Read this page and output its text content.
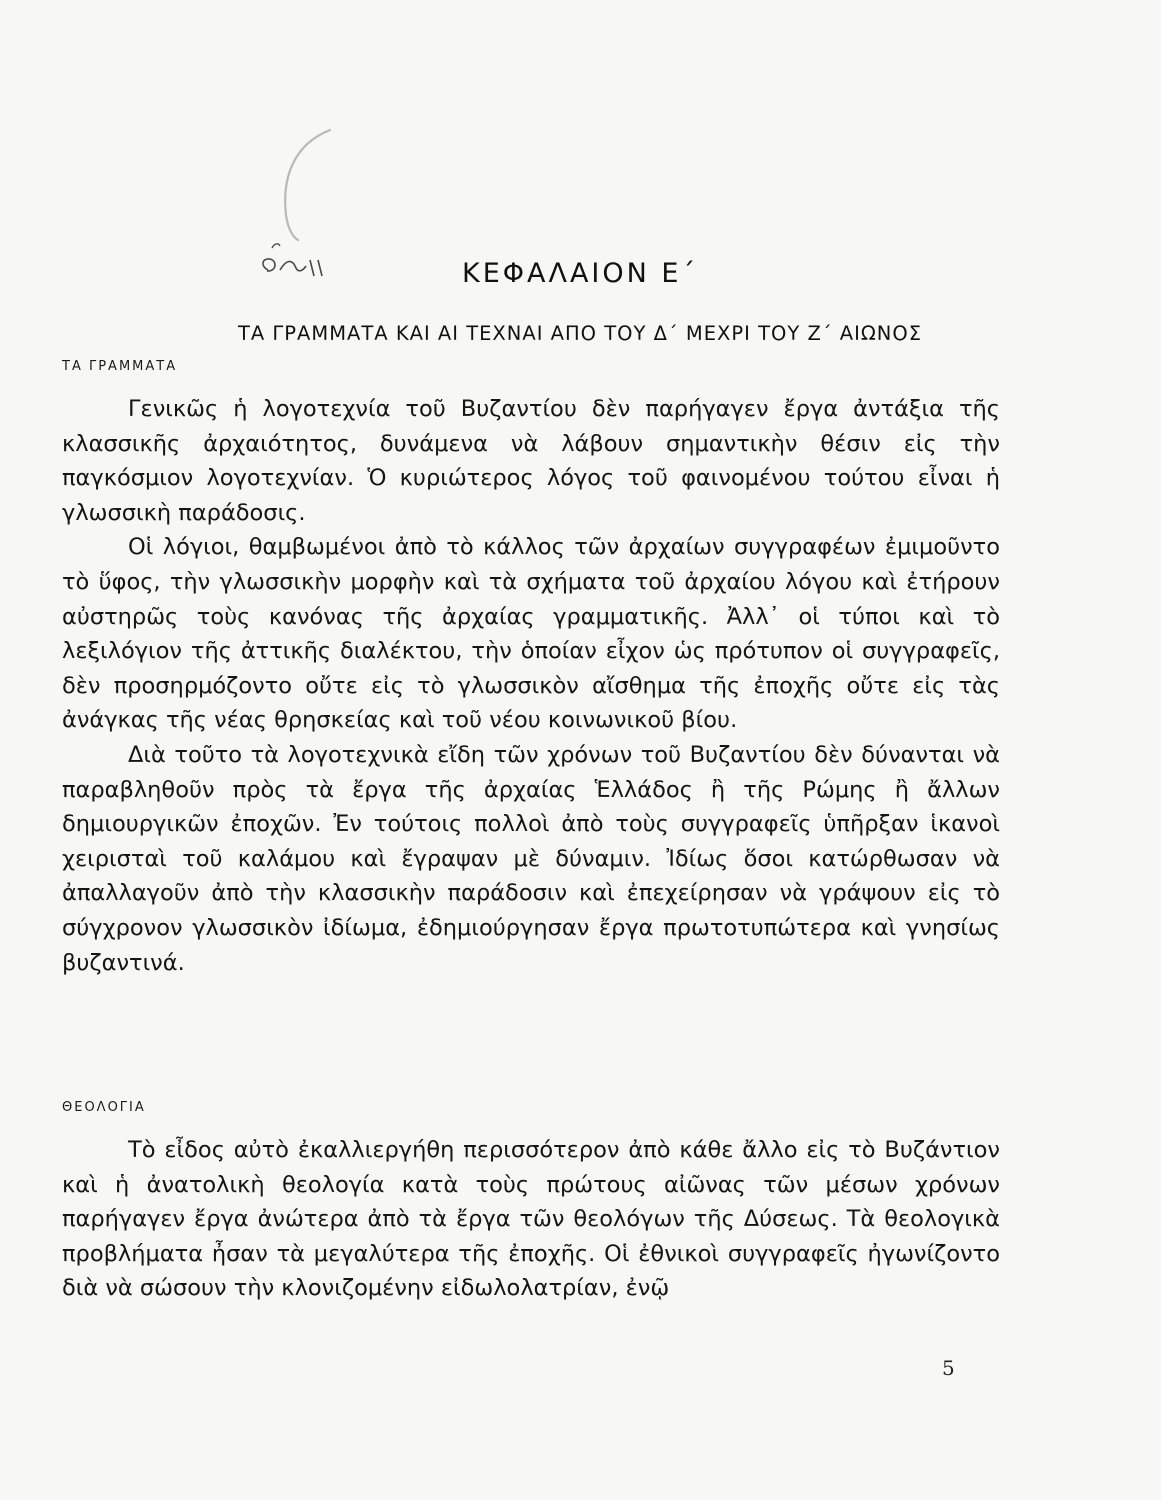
ΚΕΦΑΛΑΙΟΝ Ε΄
ΤΑ ΓΡΑΜΜΑΤΑ ΚΑΙ ΑΙ ΤΕΧΝΑΙ ΑΠΟ ΤΟΥ Δ΄ ΜΕΧΡΙ ΤΟΥ Ζ΄ ΑΙΩΝΟΣ
ΤΑ ΓΡΑΜΜΑΤΑ

Γενικῶς ἡ λογοτεχνία τοῦ Βυζαντίου δὲν παρήγαγεν ἔργα ἀντάξια τῆς κλασσικῆς ἀρχαιότητος, δυνάμενα νὰ λάβουν σημαντικὴν θέσιν εἰς τὴν παγκόσμιον λογοτεχνίαν. Ὁ κυριώτερος λόγος τοῦ φαινομένου τούτου εἶναι ἡ γλωσσικὴ παράδοσις.

Οἱ λόγιοι, θαμβωμένοι ἀπὸ τὸ κάλλος τῶν ἀρχαίων συγγραφέων ἐμιμοῦντο τὸ ὕφος, τὴν γλωσσικὴν μορφὴν καὶ τὰ σχήματα τοῦ ἀρχαίου λόγου καὶ ἐτήρουν αὐστηρῶς τοὺς κανόνας τῆς ἀρχαίας γραμματικῆς. Ἀλλ᾽ οἱ τύποι καὶ τὸ λεξιλόγιον τῆς ἀττικῆς διαλέκτου, τὴν ὁποίαν εἶχον ὡς πρότυπον οἱ συγγραφεῖς, δὲν προσηρμόζοντο οὔτε εἰς τὸ γλωσσικὸν αἴσθημα τῆς ἐποχῆς οὔτε εἰς τὰς ἀνάγκας τῆς νέας θρησκείας καὶ τοῦ νέου κοινωνικοῦ βίου.

Διὰ τοῦτο τὰ λογοτεχνικὰ εἴδη τῶν χρόνων τοῦ Βυζαντίου δὲν δύνανται νὰ παραβληθοῦν πρὸς τὰ ἔργα τῆς ἀρχαίας Ἑλλάδος ἢ τῆς Ρώμης ἢ ἄλλων δημιουργικῶν ἐποχῶν. Ἐν τούτοις πολλοὶ ἀπὸ τοὺς συγγραφεῖς ὑπῆρξαν ἱκανοὶ χειρισταὶ τοῦ καλάμου καὶ ἔγραψαν μὲ δύναμιν. Ἰδίως ὅσοι κατώρθωσαν νὰ ἀπαλλαγοῦν ἀπὸ τὴν κλασσικὴν παράδοσιν καὶ ἐπεχείρησαν νὰ γράψουν εἰς τὸ σύγχρονον γλωσσικὸν ἰδίωμα, ἐδημιούργησαν ἔργα πρωτοτυπώτερα καὶ γνησίως βυζαντινά.

ΘΕΟΛΟΓΙΑ

Τὸ εἶδος αὐτὸ ἐκαλλιεργήθη περισσότερον ἀπὸ κάθε ἄλλο εἰς τὸ Βυζάντιον καὶ ἡ ἀνατολικὴ θεολογία κατὰ τοὺς πρώτους αἰῶνας τῶν μέσων χρόνων παρήγαγεν ἔργα ἀνώτερα ἀπὸ τὰ ἔργα τῶν θεολόγων τῆς Δύσεως. Τὰ θεολογικὰ προβλήματα ἦσαν τὰ μεγαλύτερα τῆς ἐποχῆς. Οἱ ἐθνικοὶ συγγραφεῖς ἠγωνίζοντο διὰ νὰ σώσουν τὴν κλονιζομένην εἰδωλολατρίαν, ἐνῷ

5
